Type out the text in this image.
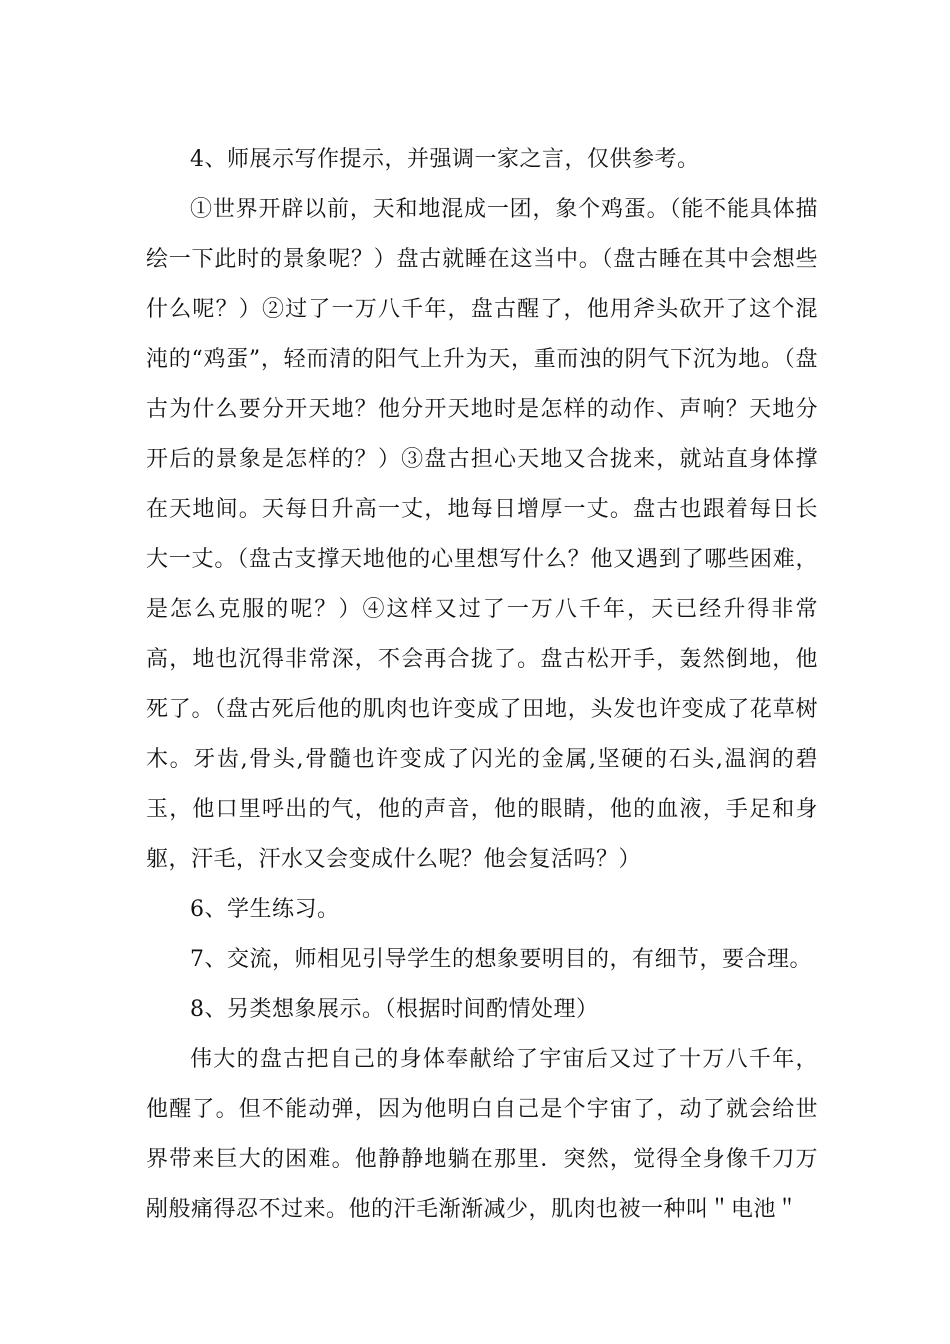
4、师展示写作提示，并强调一家之言，仅供参考。

①世界开辟以前，天和地混成一团，象个鸡蛋。（能不能具体描绘一下此时的景象呢？）盘古就睡在这当中。（盘古睡在其中会想些什么呢？）②过了一万八千年，盘古醒了，他用斧头砍开了这个混沌的“鸡蛋”，轻而清的阳气上升为天，重而浊的阴气下沉为地。（盘古为什么要分开天地？他分开天地时是怎样的动作、声响？天地分开后的景象是怎样的？）③盘古担心天地又合拢来，就站直身体撑在天地间。天每日升高一丈，地每日增厚一丈。盘古也跟着每日长大一丈。（盘古支撑天地他的心里想写什么？他又遇到了哪些困难，是怎么克服的呢？）④这样又过了一万八千年，天已经升得非常高，地也沉得非常深，不会再合拢了。盘古松开手，轰然倒地，他死了。（盘古死后他的肌肉也许变成了田地，头发也许变成了花草树木。牙齿,骨头,骨髓也许变成了闪光的金属,坚硬的石头,温润的碧玉，他口里呼出的气，他的声音，他的眼睛，他的血液，手足和身躯，汗毛，汗水又会变成什么呢？他会复活吗？）

6、学生练习。

7、交流，师相见引导学生的想象要明目的，有细节，要合理。

8、另类想象展示。（根据时间酌情处理）

伟大的盘古把自己的身体奉献给了宇宙后又过了十万八千年，他醒了。但不能动弹，因为他明白自己是个宇宙了，动了就会给世界带来巨大的困难。他静静地躺在那里．突然，觉得全身像千刀万剐般痛得忍不过来。他的汗毛渐渐减少，肌肉也被一种叫＂电池＂
